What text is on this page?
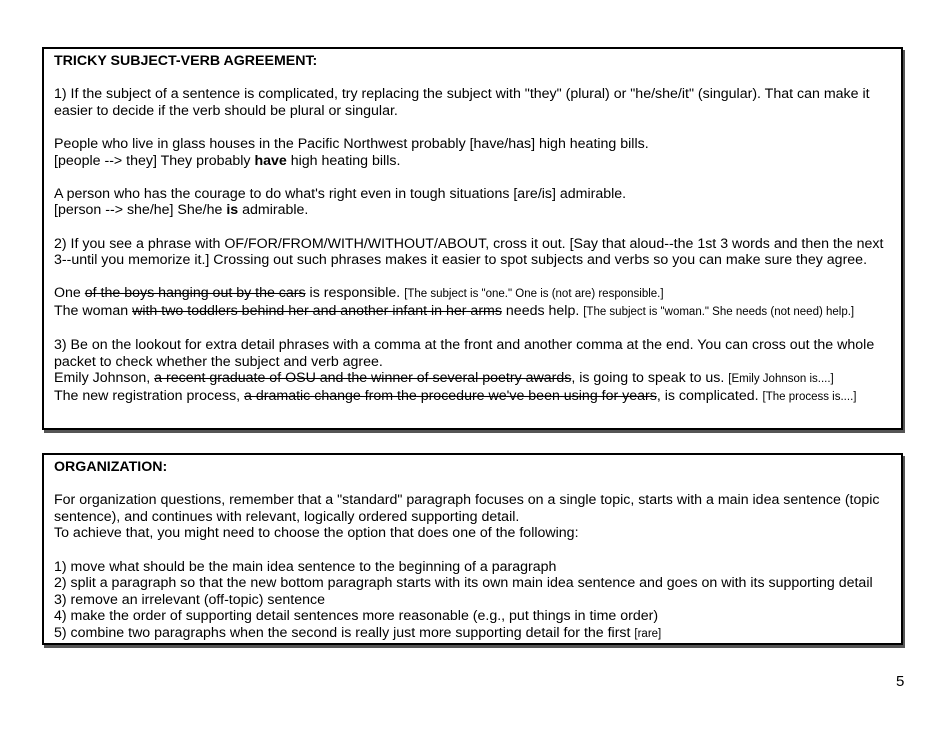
TRICKY SUBJECT-VERB AGREEMENT:

1) If the subject of a sentence is complicated, try replacing the subject with "they" (plural) or "he/she/it" (singular). That can make it easier to decide if the verb should be plural or singular.

People who live in glass houses in the Pacific Northwest probably [have/has] high heating bills.

[people --> they] They probably have high heating bills.

A person who has the courage to do what's right even in tough situations [are/is] admirable.

[person --> she/he] She/he is admirable.

2) If you see a phrase with OF/FOR/FROM/WITH/WITHOUT/ABOUT, cross it out. [Say that aloud--the 1st 3 words and then the next 3--until you memorize it.] Crossing out such phrases makes it easier to spot subjects and verbs so you can make sure they agree.

One of the boys hanging out by the cars is responsible. [The subject is "one." One is (not are) responsible.]

The woman with two toddlers behind her and another infant in her arms needs help. [The subject is "woman." She needs (not need) help.]

3) Be on the lookout for extra detail phrases with a comma at the front and another comma at the end. You can cross out the whole packet to check whether the subject and verb agree.

Emily Johnson, a recent graduate of OSU and the winner of several poetry awards, is going to speak to us. [Emily Johnson is....]

The new registration process, a dramatic change from the procedure we've been using for years, is complicated. [The process is....]

ORGANIZATION:

For organization questions, remember that a "standard" paragraph focuses on a single topic, starts with a main idea sentence (topic sentence), and continues with relevant, logically ordered supporting detail.

To achieve that, you might need to choose the option that does one of the following:

1) move what should be the main idea sentence to the beginning of a paragraph

2) split a paragraph so that the new bottom paragraph starts with its own main idea sentence and goes on with its supporting detail

3) remove an irrelevant (off-topic) sentence

4) make the order of supporting detail sentences more reasonable (e.g., put things in time order)

5) combine two paragraphs when the second is really just more supporting detail for the first [rare]

5
